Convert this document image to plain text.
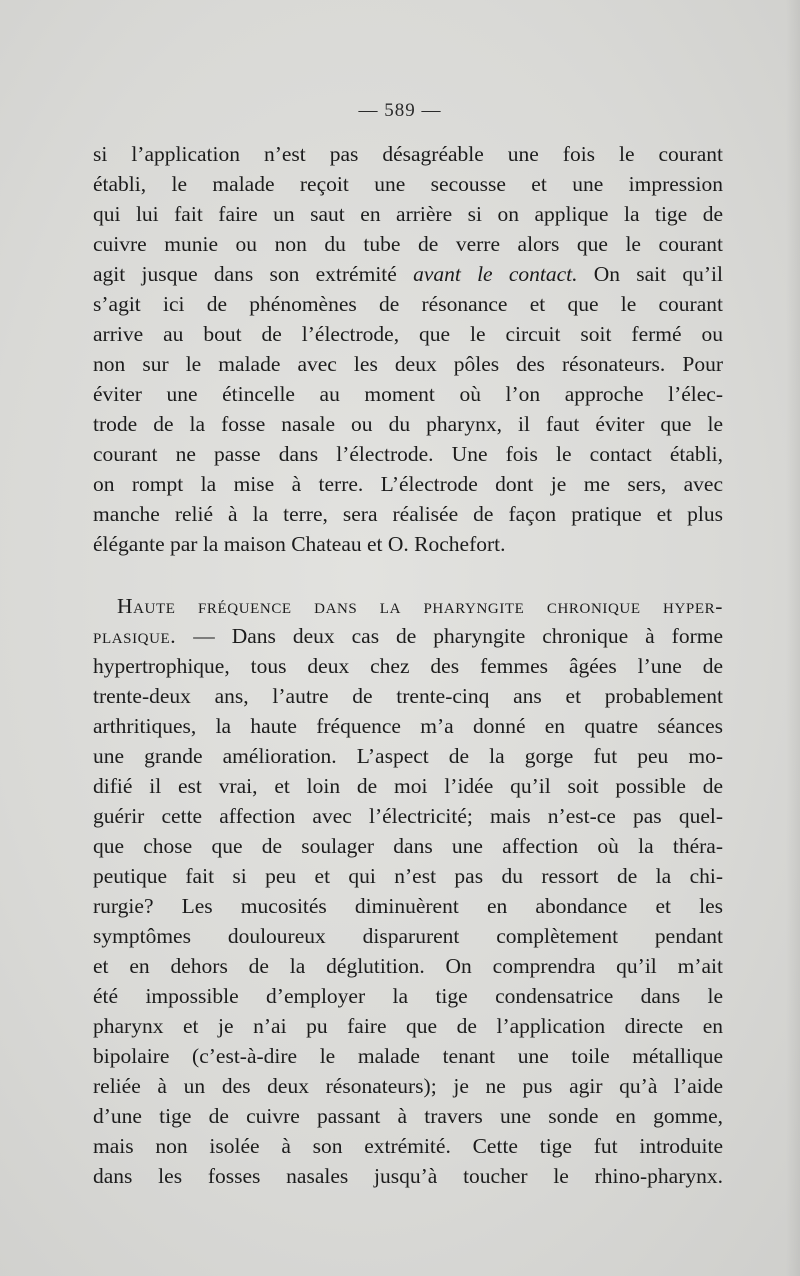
— 589 —
si l’application n’est pas désagréable une fois le courant
établi, le malade reçoit une secousse et une impression
qui lui fait faire un saut en arrière si on applique la tige de
cuivre munie ou non du tube de verre alors que le courant
agit jusque dans son extrémité avant le contact. On sait qu’il
s’agit ici de phénomènes de résonance et que le courant
arrive au bout de l’électrode, que le circuit soit fermé ou
non sur le malade avec les deux pôles des résonateurs. Pour
éviter une étincelle au moment où l’on approche l’élec-
trode de la fosse nasale ou du pharynx, il faut éviter que le
courant ne passe dans l’électrode. Une fois le contact établi,
on rompt la mise à terre. L’électrode dont je me sers, avec
manche relié à la terre, sera réalisée de façon pratique et plus
élégante par la maison Chateau et O. Rochefort.
Haute fréquence dans la pharyngite chronique hyper-
plasique. — Dans deux cas de pharyngite chronique à forme
hypertrophique, tous deux chez des femmes âgées l’une de
trente-deux ans, l’autre de trente-cinq ans et probablement
arthritiques, la haute fréquence m’a donné en quatre séances
une grande amélioration. L’aspect de la gorge fut peu mo-
difié il est vrai, et loin de moi l’idée qu’il soit possible de
guérir cette affection avec l’électricité; mais n’est-ce pas quel-
que chose que de soulager dans une affection où la théra-
peutique fait si peu et qui n’est pas du ressort de la chi-
rurgie? Les mucosités diminuèrent en abondance et les
symptômes douloureux disparurent complètement pendant
et en dehors de la déglutition. On comprendra qu’il m’ait
été impossible d’employer la tige condensatrice dans le
pharynx et je n’ai pu faire que de l’application directe en
bipolaire (c’est-à-dire le malade tenant une toile métallique
reliée à un des deux résonateurs); je ne pus agir qu’à l’aide
d’une tige de cuivre passant à travers une sonde en gomme,
mais non isolée à son extrémité. Cette tige fut introduite
dans les fosses nasales jusqu’à toucher le rhino-pharynx.
